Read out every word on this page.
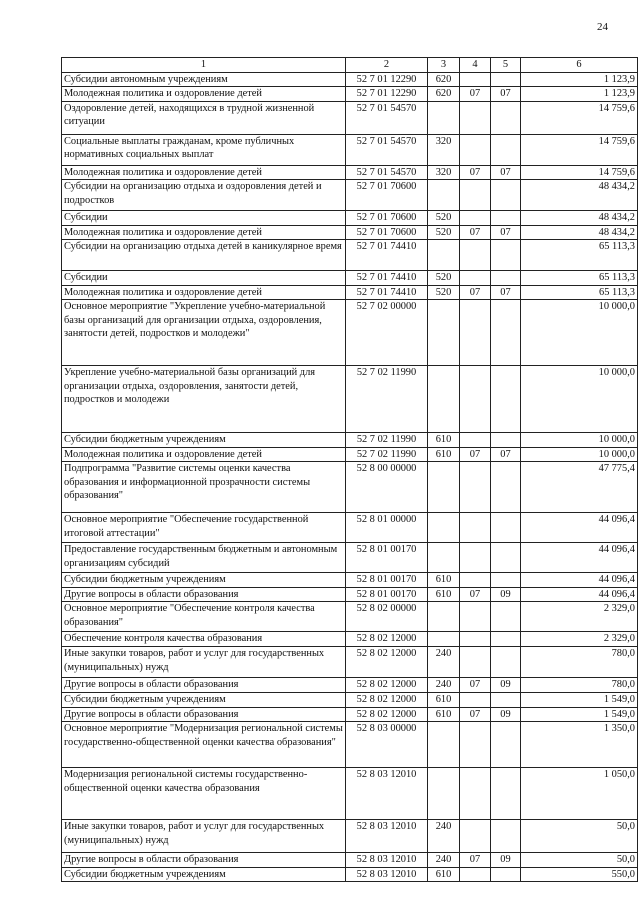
24
1	2	3	4	5	6
Субсидии автономным учреждениям	52 7 01 12290	620			1 123,9
Молодежная политика и оздоровление детей	52 7 01 12290	620	07	07	1 123,9
Оздоровление детей, находящихся в трудной жизненной ситуации	52 7 01 54570				14 759,6
Социальные выплаты гражданам, кроме публичных нормативных социальных выплат	52 7 01 54570	320			14 759,6
Молодежная политика и оздоровление детей	52 7 01 54570	320	07	07	14 759,6
Субсидии на организацию отдыха и оздоровления детей и подростков	52 7 01 70600				48 434,2
Субсидии	52 7 01 70600	520			48 434,2
Молодежная политика и оздоровление детей	52 7 01 70600	520	07	07	48 434,2
Субсидии на организацию отдыха детей в каникулярное время	52 7 01 74410				65 113,3
Субсидии	52 7 01 74410	520			65 113,3
Молодежная политика и оздоровление детей	52 7 01 74410	520	07	07	65 113,3
Основное мероприятие "Укрепление учебно-материальной базы организаций для организации отдыха, оздоровления, занятости детей, подростков и молодежи"	52 7 02 00000				10 000,0
Укрепление учебно-материальной базы организаций для организации отдыха, оздоровления, занятости детей, подростков и молодежи	52 7 02 11990				10 000,0
Субсидии бюджетным учреждениям	52 7 02 11990	610			10 000,0
Молодежная политика и оздоровление детей	52 7 02 11990	610	07	07	10 000,0
Подпрограмма "Развитие системы оценки качества образования и информационной прозрачности системы образования"	52 8 00 00000				47 775,4
Основное мероприятие "Обеспечение государственной итоговой аттестации"	52 8 01 00000				44 096,4
Предоставление государственным бюджетным и автономным организациям субсидий	52 8 01 00170				44 096,4
Субсидии бюджетным учреждениям	52 8 01 00170	610			44 096,4
Другие вопросы в области образования	52 8 01 00170	610	07	09	44 096,4
Основное мероприятие "Обеспечение контроля качества образования"	52 8 02 00000				2 329,0
Обеспечение контроля качества образования	52 8 02 12000				2 329,0
Иные закупки товаров, работ и услуг для государственных (муниципальных) нужд	52 8 02 12000	240			780,0
Другие вопросы в области образования	52 8 02 12000	240	07	09	780,0
Субсидии бюджетным учреждениям	52 8 02 12000	610			1 549,0
Другие вопросы в области образования	52 8 02 12000	610	07	09	1 549,0
Основное мероприятие "Модернизация региональной системы государственно-общественной оценки качества образования"	52 8 03 00000				1 350,0
Модернизация региональной системы государственно-общественной оценки качества образования	52 8 03 12010				1 050,0
Иные закупки товаров, работ и услуг для государственных (муниципальных) нужд	52 8 03 12010	240			50,0
Другие вопросы в области образования	52 8 03 12010	240	07	09	50,0
Субсидии бюджетным учреждениям	52 8 03 12010	610			550,0
